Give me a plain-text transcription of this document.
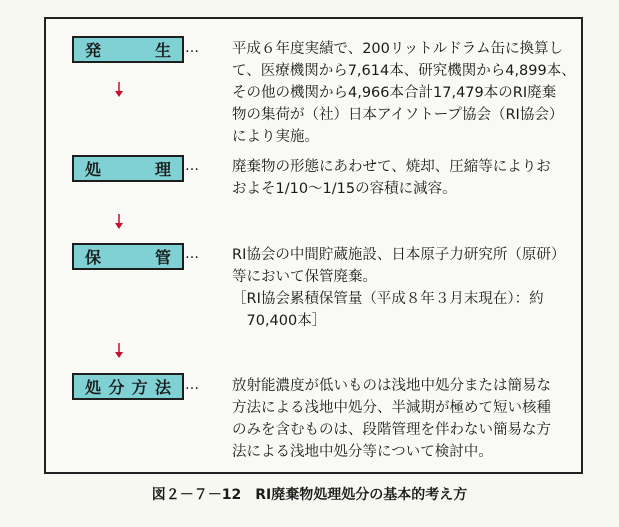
発	生 … 平成６年度実績で、200リットルドラム缶に換算し
て、医療機関から7,614本、研究機関から4,899本、
その他の機関から4,966本合計17,479本のRI廃棄
物の集荷が（社）日本アイソトープ協会（RI協会）
により実施。
処	理 … 廃棄物の形態にあわせて、焼却、圧縮等によりお
およそ1/10～1/15の容積に減容。
保	管 … RI協会の中間貯蔵施設、日本原子力研究所（原研）
等において保管廃棄。
［RI協会累積保管量（平成８年３月末現在）：約
　70,400本］
処 分 方 法 … 放射能濃度が低いものは浅地中処分または簡易な
方法による浅地中処分、半減期が極めて短い核種
のみを含むものは、段階管理を伴わない簡易な方
法による浅地中処分等について検討中。
図２－７－12　RI廃棄物処理処分の基本的考え方
